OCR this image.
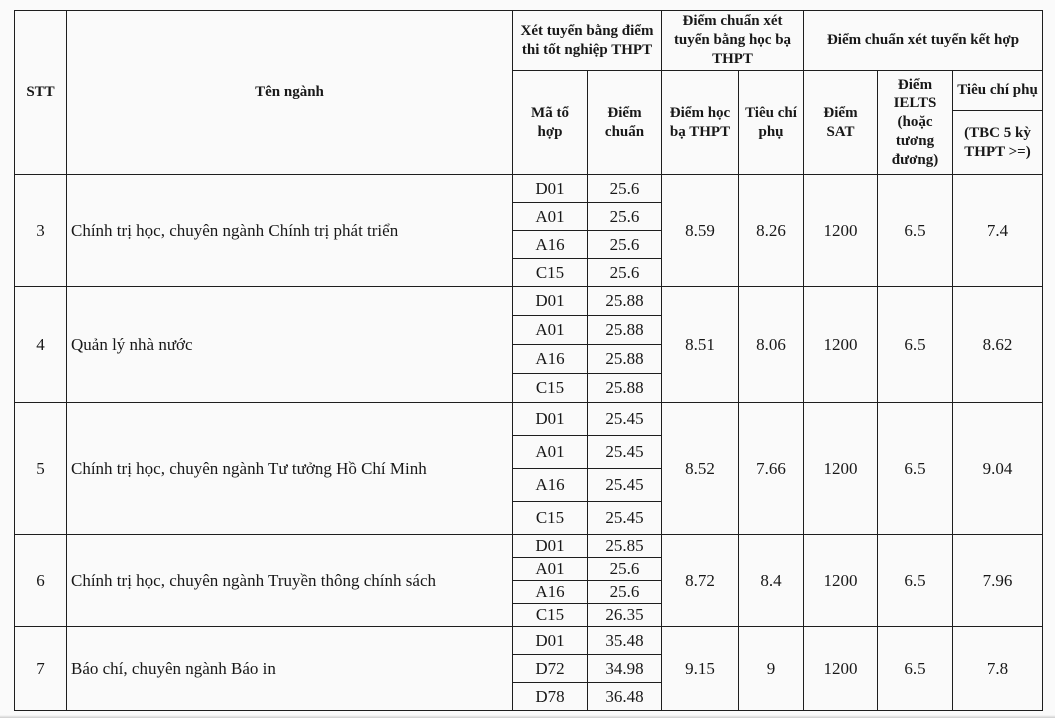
STT	Tên ngành	Xét tuyển bằng điểm thi tốt nghiệp THPT		Điểm chuẩn xét tuyển bằng học bạ THPT		Điểm chuẩn xét tuyển kết hợp		
		Mã tổ hợp	Điểm chuẩn	Điểm học bạ THPT	Tiêu chí phụ	Điểm SAT	Điểm IELTS (hoặc tương đương)	Tiêu chí phụ
								(TBC 5 kỳ THPT >=)
3	Chính trị học, chuyên ngành Chính trị phát triển	D01	25.6	8.59	8.26	1200	6.5	7.4
		A01	25.6					
		A16	25.6					
		C15	25.6					
4	Quản lý nhà nước	D01	25.88	8.51	8.06	1200	6.5	8.62
		A01	25.88					
		A16	25.88					
		C15	25.88					
5	Chính trị học, chuyên ngành Tư tưởng Hồ Chí Minh	D01	25.45	8.52	7.66	1200	6.5	9.04
		A01	25.45					
		A16	25.45					
		C15	25.45					
6	Chính trị học, chuyên ngành Truyền thông chính sách	D01	25.85	8.72	8.4	1200	6.5	7.96
		A01	25.6					
		A16	25.6					
		C15	26.35					
7	Báo chí, chuyên ngành Báo in	D01	35.48	9.15	9	1200	6.5	7.8
		D72	34.98					
		D78	36.48					
